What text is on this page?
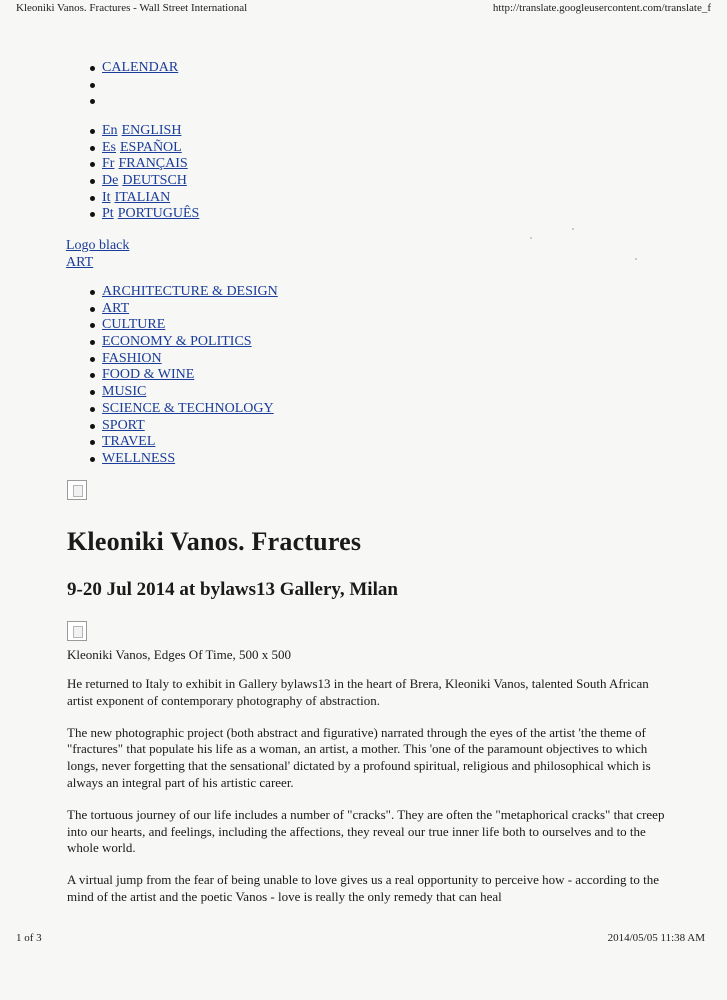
Kleoniki Vanos. Fractures - Wall Street International	http://translate.googleusercontent.com/translate_f
CALENDAR
En ENGLISH
Es ESPAÑOL
Fr FRANÇAIS
De DEUTSCH
It ITALIAN
Pt PORTUGUÊS
Logo black
ART
ARCHITECTURE & DESIGN
ART
CULTURE
ECONOMY & POLITICS
FASHION
FOOD & WINE
MUSIC
SCIENCE & TECHNOLOGY
SPORT
TRAVEL
WELLNESS
Kleoniki Vanos. Fractures
9-20 Jul 2014 at bylaws13 Gallery, Milan

Kleoniki Vanos, Edges Of Time, 500 x 500

He returned to Italy to exhibit in Gallery bylaws13 in the heart of Brera, Kleoniki Vanos, talented South African artist exponent of contemporary photography of abstraction.

The new photographic project (both abstract and figurative) narrated through the eyes of the artist 'the theme of "fractures" that populate his life as a woman, an artist, a mother. This 'one of the paramount objectives to which longs, never forgetting that the sensational' dictated by a profound spiritual, religious and philosophical which is always an integral part of his artistic career.

The tortuous journey of our life includes a number of "cracks". They are often the "metaphorical cracks" that creep into our hearts, and feelings, including the affections, they reveal our true inner life both to ourselves and to the whole world.

A virtual jump from the fear of being unable to love gives us a real opportunity to perceive how - according to the mind of the artist and the poetic Vanos - love is really the only remedy that can heal

1 of 3	2014/05/05 11:38 AM
